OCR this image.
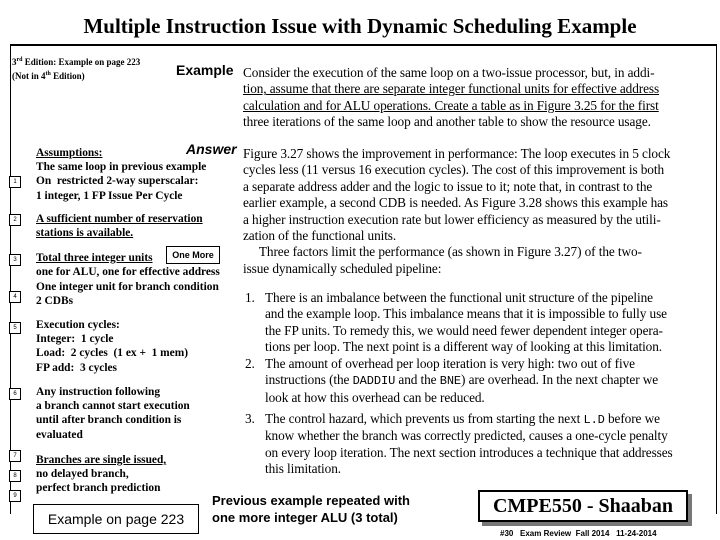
Multiple Instruction Issue with Dynamic Scheduling Example
3rd Edition: Example on page 223
(Not in 4th Edition)	Example Consider the execution of the same loop on a two-issue processor, but, in addi-
tion, assume that there are separate integer functional units for effective address
calculation and for ALU operations. Create a table as in Figure 3.25 for the first
three iterations of the same loop and another table to show the resource usage.
Answer Figure 3.27 shows the improvement in performance: The loop executes in 5 clock
cycles less (11 versus 16 execution cycles). The cost of this improvement is both
a separate address adder and the logic to issue to it; note that, in contrast to the
earlier example, a second CDB is needed. As Figure 3.28 shows this example has
a higher instruction execution rate but lower efficiency as measured by the utili-
zation of the functional units.
Three factors limit the performance (as shown in Figure 3.27) of the two-
issue dynamically scheduled pipeline:
1. There is an imbalance between the functional unit structure of the pipeline
and the example loop. This imbalance means that it is impossible to fully use
the FP units. To remedy this, we would need fewer dependent integer opera-
tions per loop. The next point is a different way of looking at this limitation.
2. The amount of overhead per loop iteration is very high: two out of five
instructions (the DADDIU and the BNE) are overhead. In the next chapter we
look at how this overhead can be reduced.
3. The control hazard, which prevents us from starting the next L.D before we
know whether the branch was correctly predicted, causes a one-cycle penalty
on every loop iteration. The next section introduces a technique that addresses
this limitation.
1
Assumptions:
The same loop in previous example
On  restricted 2-way superscalar:
1 integer, 1 FP Issue Per Cycle
2	A sufficient number of reservation
stations is available.
3	Total three integer units
one for ALU, one for effective address
One More
4
One integer unit for branch condition
2 CDBs
5	Execution cycles:
Integer:  1 cycle
Load:  2 cycles  (1 ex +  1 mem)
FP add:  3 cycles
6	Any instruction following
a branch cannot start execution
until after branch condition is
evaluated
7	Branches are single issued,
8	no delayed branch,
9
perfect branch prediction
Example on page 223
Previous example repeated with
one more integer ALU (3 total)
CMPE550 - Shaaban
#30   Exam Review  Fall 2014   11-24-2014
